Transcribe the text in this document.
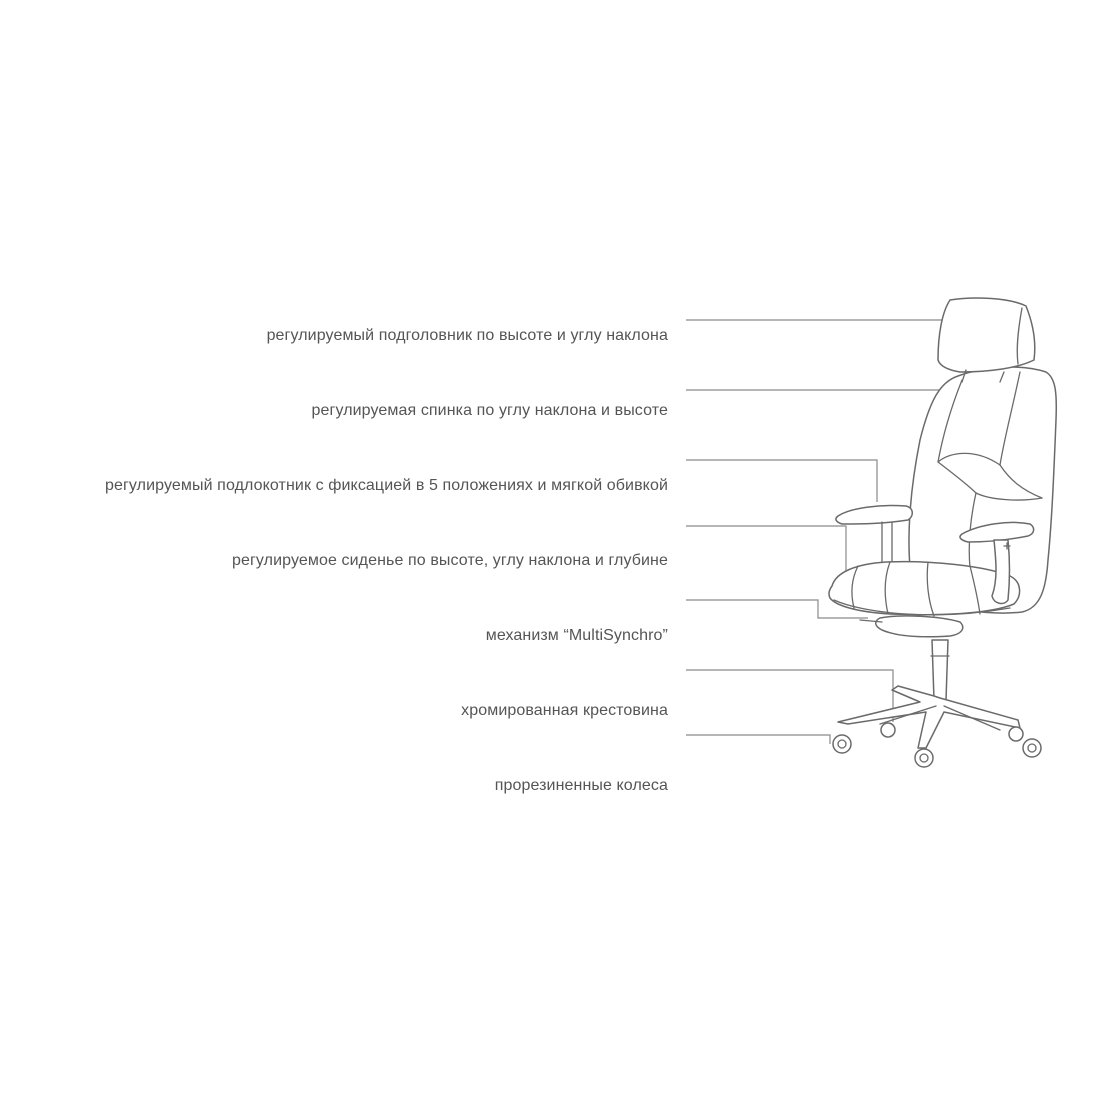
регулируемый подголовник по высоте и углу наклона
регулируемая спинка по углу наклона и высоте
регулируемый подлокотник с фиксацией в 5 положениях и мягкой обивкой
регулируемое сиденье по высоте, углу наклона и глубине
механизм “MultiSynchro”
хромированная крестовина
прорезиненные колеса
